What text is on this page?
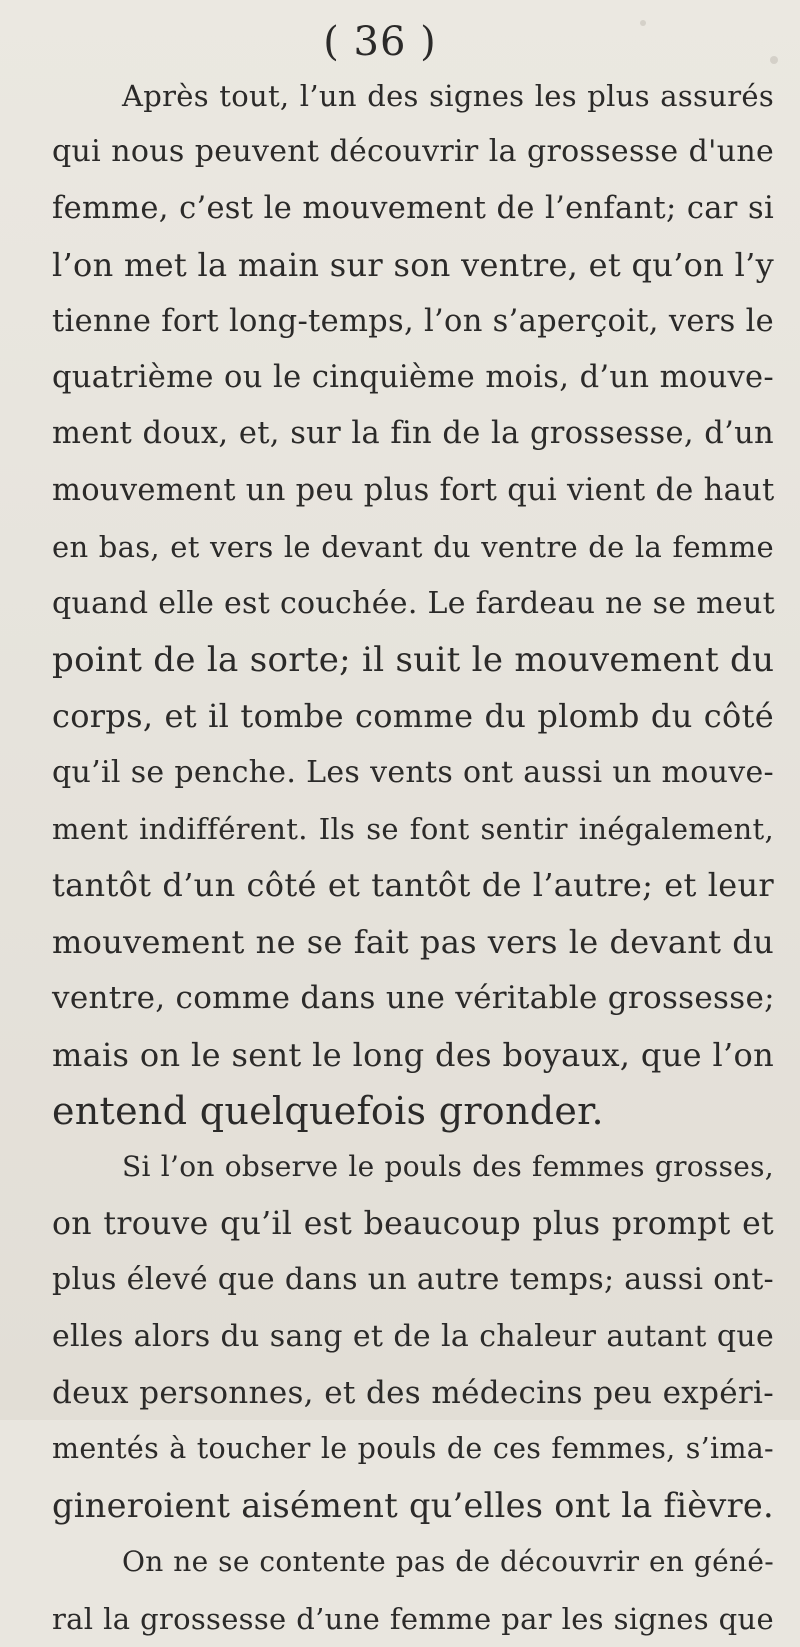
( 36 )
Après tout, l’un des signes les plus assurés
qui nous peuvent découvrir la grossesse d'une
femme, c’est le mouvement de l’enfant; car si
l’on met la main sur son ventre, et qu’on l’y
tienne fort long-temps, l’on s’aperçoit, vers le
quatrième ou le cinquième mois, d’un mouve-
ment doux, et, sur la fin de la grossesse, d’un
mouvement un peu plus fort qui vient de haut
en bas, et vers le devant du ventre de la femme
quand elle est couchée. Le fardeau ne se meut
point de la sorte; il suit le mouvement du
corps, et il tombe comme du plomb du côté
qu’il se penche. Les vents ont aussi un mouve-
ment indifférent. Ils se font sentir inégalement,
tantôt d’un côté et tantôt de l’autre; et leur
mouvement ne se fait pas vers le devant du
ventre, comme dans une véritable grossesse;
mais on le sent le long des boyaux, que l’on
entend quelquefois gronder.
Si l’on observe le pouls des femmes grosses,
on trouve qu’il est beaucoup plus prompt et
plus élevé que dans un autre temps; aussi ont-
elles alors du sang et de la chaleur autant que
deux personnes, et des médecins peu expéri-
mentés à toucher le pouls de ces femmes, s’ima-
gineroient aisément qu’elles ont la fièvre.
On ne se contente pas de découvrir en géné-
ral la grossesse d’une femme par les signes que
